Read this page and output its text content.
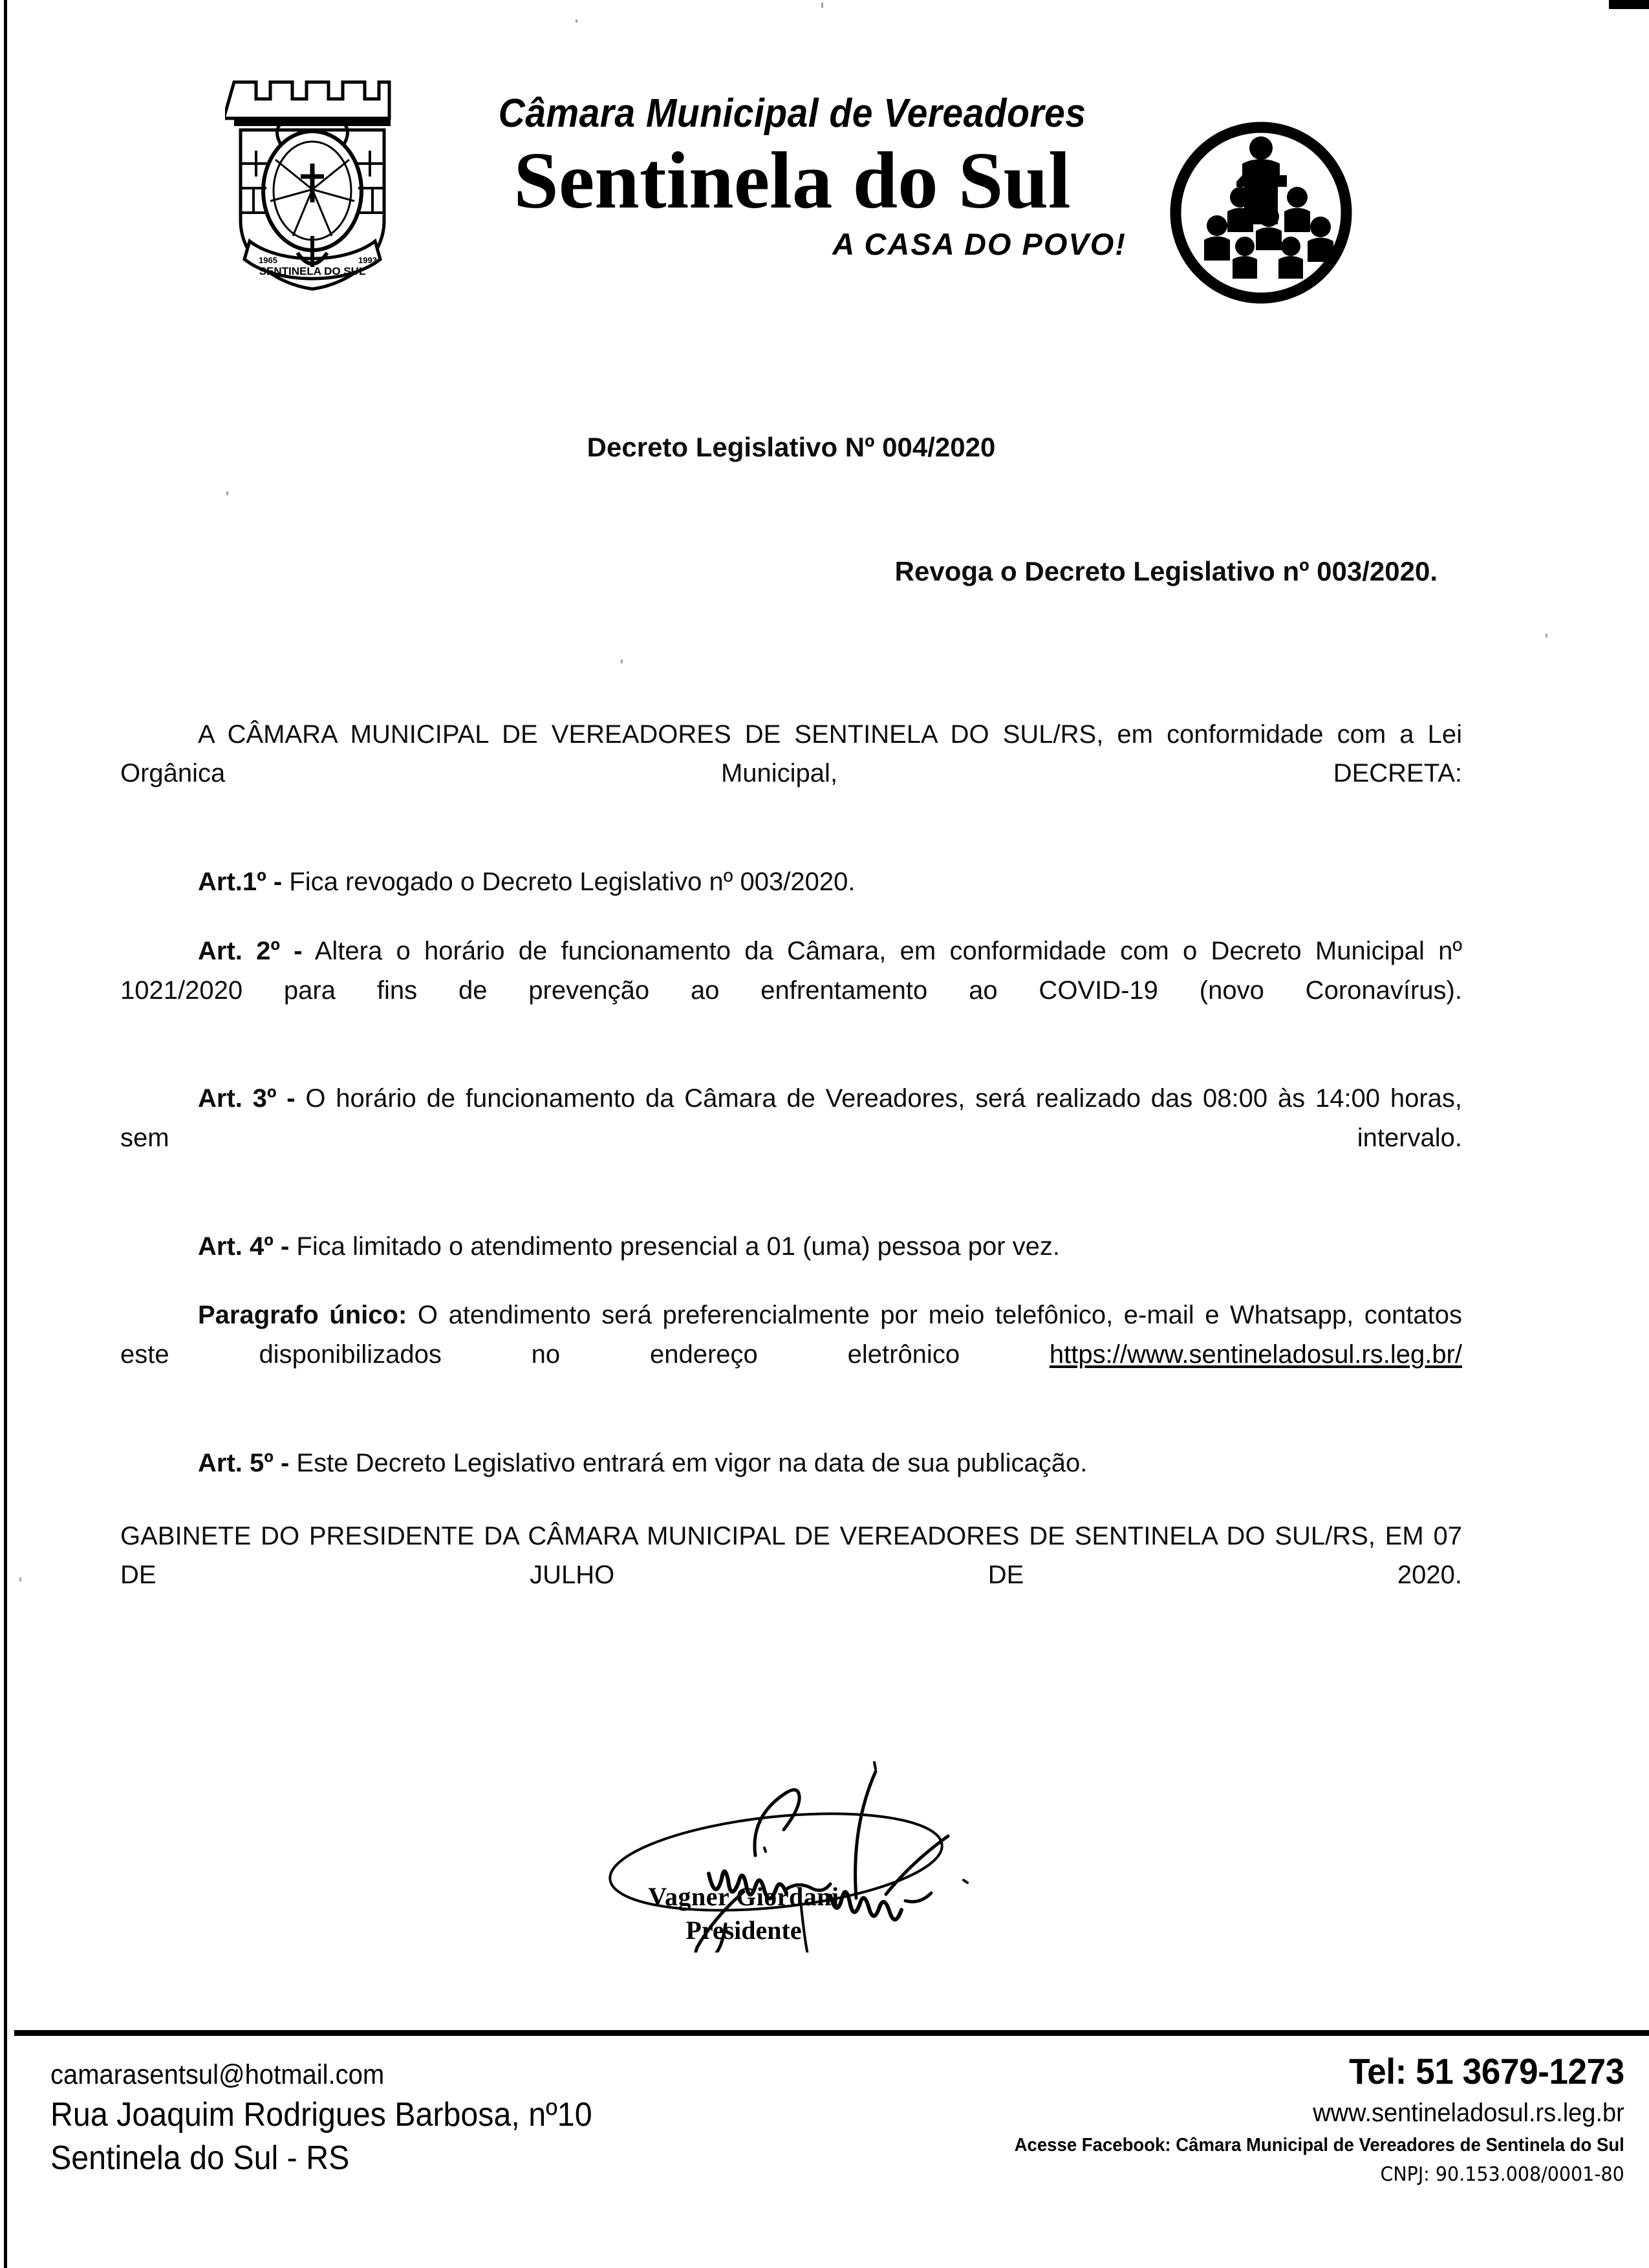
SENTINELA DO SUL
1965	1993
Câmara Municipal de Vereadores
Sentinela do Sul
A CASA DO POVO!
Decreto Legislativo Nº 004/2020
Revoga o Decreto Legislativo nº 003/2020.
A CÂMARA MUNICIPAL DE VEREADORES DE SENTINELA DO SUL/RS, em conformidade com a Lei Orgânica Municipal, DECRETA:
Art.1º - Fica revogado o Decreto Legislativo nº 003/2020.
Art. 2º - Altera o horário de funcionamento da Câmara, em conformidade com o Decreto Municipal nº 1021/2020 para fins de prevenção ao enfrentamento ao COVID-19 (novo Coronavírus).
Art. 3º - O horário de funcionamento da Câmara de Vereadores, será realizado das 08:00 às 14:00 horas, sem intervalo.
Art. 4º - Fica limitado o atendimento presencial a 01 (uma) pessoa por vez.
Paragrafo único: O atendimento será preferencialmente por meio telefônico, e-mail e Whatsapp, contatos este disponibilizados no endereço eletrônico https://www.sentineladosul.rs.leg.br/
Art. 5º - Este Decreto Legislativo entrará em vigor na data de sua publicação.
GABINETE DO PRESIDENTE DA CÂMARA MUNICIPAL DE VEREADORES DE SENTINELA DO SUL/RS, EM 07 DE JULHO DE 2020.
Vagner Giordani
Presidente
camarasentsul@hotmail.com
Rua Joaquim Rodrigues Barbosa, nº10
Sentinela do Sul - RS
Tel: 51 3679-1273
www.sentineladosul.rs.leg.br
Acesse Facebook: Câmara Municipal de Vereadores de Sentinela do Sul
CNPJ: 90.153.008/0001-80
